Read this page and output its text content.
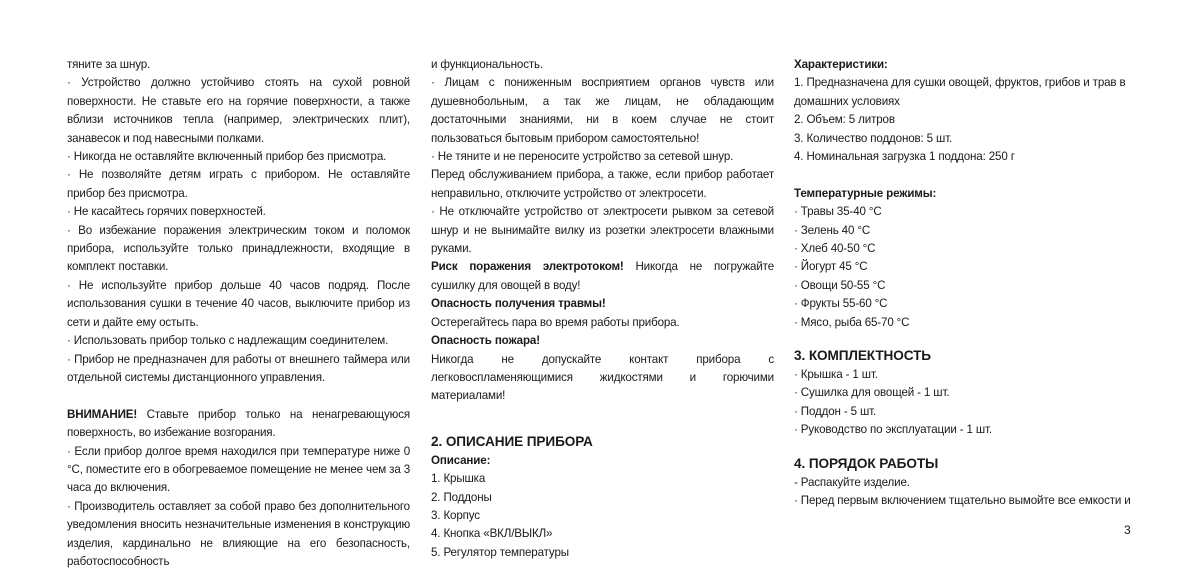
тяните за шнур.

· Устройство должно устойчиво стоять на сухой ровной поверхности. Не ставьте его на горячие поверхности, а также вблизи источников тепла (например, электрических плит), занавесок и под навесными полками.

· Никогда не оставляйте включенный прибор без присмотра.

· Не позволяйте детям играть с прибором. Не оставляйте прибор без присмотра.

· Не касайтесь горячих поверхностей.

· Во избежание поражения электрическим током и поломок прибора, используйте только принадлежности, входящие в комплект поставки.

· Не используйте прибор дольше 40 часов подряд. После использования сушки в течение 40 часов, выключите прибор из сети и дайте ему остыть.

· Использовать прибор только с надлежащим соединителем.

· Прибор не предназначен для работы от внешнего таймера или отдельной системы дистанционного управления.

ВНИМАНИЕ! Ставьте прибор только на ненагревающуюся поверхность, во избежание возгорания.

· Если прибор долгое время находился при температуре ниже 0 °С, поместите его в обогреваемое помещение не менее чем за 3 часа до включения.

· Производитель оставляет за собой право без дополнительного уведомления вносить незначительные изменения в конструкцию изделия, кардинально не влияющие на его безопасность, работоспособность

и функциональность.

· Лицам с пониженным восприятием органов чувств или душевнобольным, а так же лицам, не обладающим достаточными знаниями, ни в коем случае не стоит пользоваться бытовым прибором самостоятельно!

· Не тяните и не переносите устройство за сетевой шнур.

Перед обслуживанием прибора, а также, если прибор работает неправильно, отключите устройство от электросети.

· Не отключайте устройство от электросети рывком за сетевой шнур и не вынимайте вилку из розетки электросети влажными руками.

Риск поражения электротоком! Никогда не погружайте сушилку для овощей в воду!

Опасность получения травмы!

Остерегайтесь пара во время работы прибора.

Опасность пожара!

Никогда не допускайте контакт прибора с легковоспламеняющимися жидкостями и горючими материалами!

2. ОПИСАНИЕ ПРИБОРА

Описание:

1. Крышка

2. Поддоны

3. Корпус

4. Кнопка «ВКЛ/ВЫКЛ»

5. Регулятор температуры

Характеристики:

1. Предназначена для сушки овощей, фруктов, грибов и трав в домашних условиях

2. Объем: 5 литров

3. Количество поддонов: 5 шт.

4. Номинальная загрузка 1 поддона: 250 г

Температурные режимы:

· Травы 35-40 °С

· Зелень 40 °С

· Хлеб 40-50 °С

· Йогурт 45 °С

· Овощи 50-55 °С

· Фрукты 55-60 °С

· Мясо, рыба 65-70 °С

3. КОМПЛЕКТНОСТЬ

· Крышка - 1 шт.

· Сушилка для овощей - 1 шт.

· Поддон - 5 шт.

· Руководство по эксплуатации - 1 шт.

4. ПОРЯДОК РАБОТЫ

- Распакуйте изделие.

· Перед первым включением тщательно вымойте все емкости и

3
